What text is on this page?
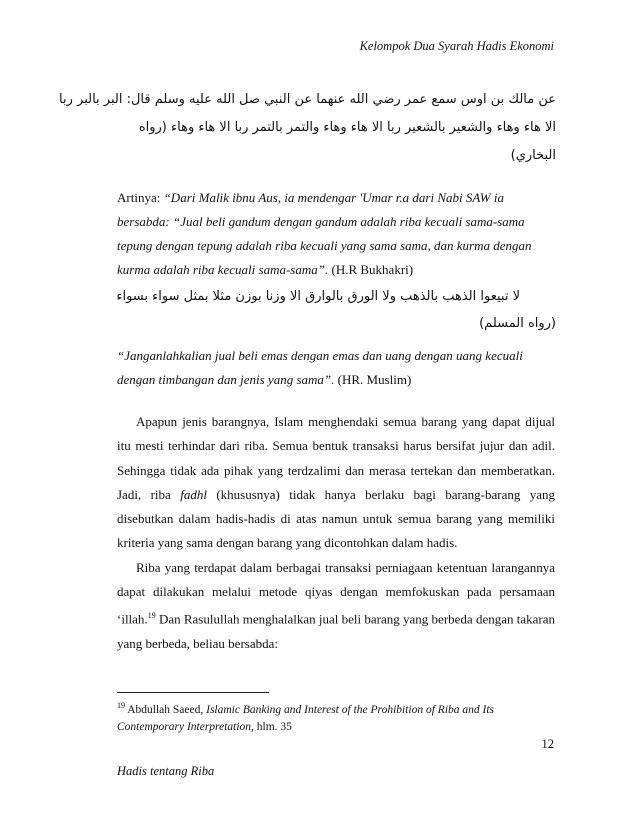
Kelompok Dua Syarah Hadis Ekonomi
عن مالك بن اوس سمع عمر رضي الله عنهما عن النبي صل الله عليه وسلم قال: البر بالبر ربا
الا هاء وهاء والشعير بالشعير ربا الا هاء وهاء والتمر بالتمر ربا الا هاء وهاء (رواه
البخاري)
Artinya: “Dari Malik ibnu Aus, ia mendengar 'Umar r.a dari Nabi SAW ia bersabda: “Jual beli gandum dengan gandum adalah riba kecuali sama-sama tepung dengan tepung adalah riba kecuali yang sama sama, dan kurma dengan kurma adalah riba kecuali sama-sama”. (H.R Bukhakri)
لا تبيعوا الذهب بالذهب ولا الورق بالوارق الا وزنا بوزن مثلا بمثل سواء بسواء
(رواه المسلم)
“Janganlahkalian jual beli emas dengan emas dan uang dengan uang kecuali dengan timbangan dan jenis yang sama”. (HR. Muslim)

Apapun jenis barangnya, Islam menghendaki semua barang yang dapat dijual itu mesti terhindar dari riba. Semua bentuk transaksi harus bersifat jujur dan adil. Sehingga tidak ada pihak yang terdzalimi dan merasa tertekan dan memberatkan. Jadi, riba fadhl (khususnya) tidak hanya berlaku bagi barang-barang yang disebutkan dalam hadis-hadis di atas namun untuk semua barang yang memiliki kriteria yang sama dengan barang yang dicontohkan dalam hadis.

Riba yang terdapat dalam berbagai transaksi perniagaan ketentuan larangannya dapat dilakukan melalui metode qiyas dengan memfokuskan pada persamaan ‘illah.$^{19}$ Dan Rasulullah menghalalkan jual beli barang yang berbeda dengan takaran yang berbeda, beliau bersabda:

$^{19}$ Abdullah Saeed, Islamic Banking and Interest of the Prohibition of Riba and Its Contemporary Interpretation, hlm. 35
12
Hadis tentang Riba
